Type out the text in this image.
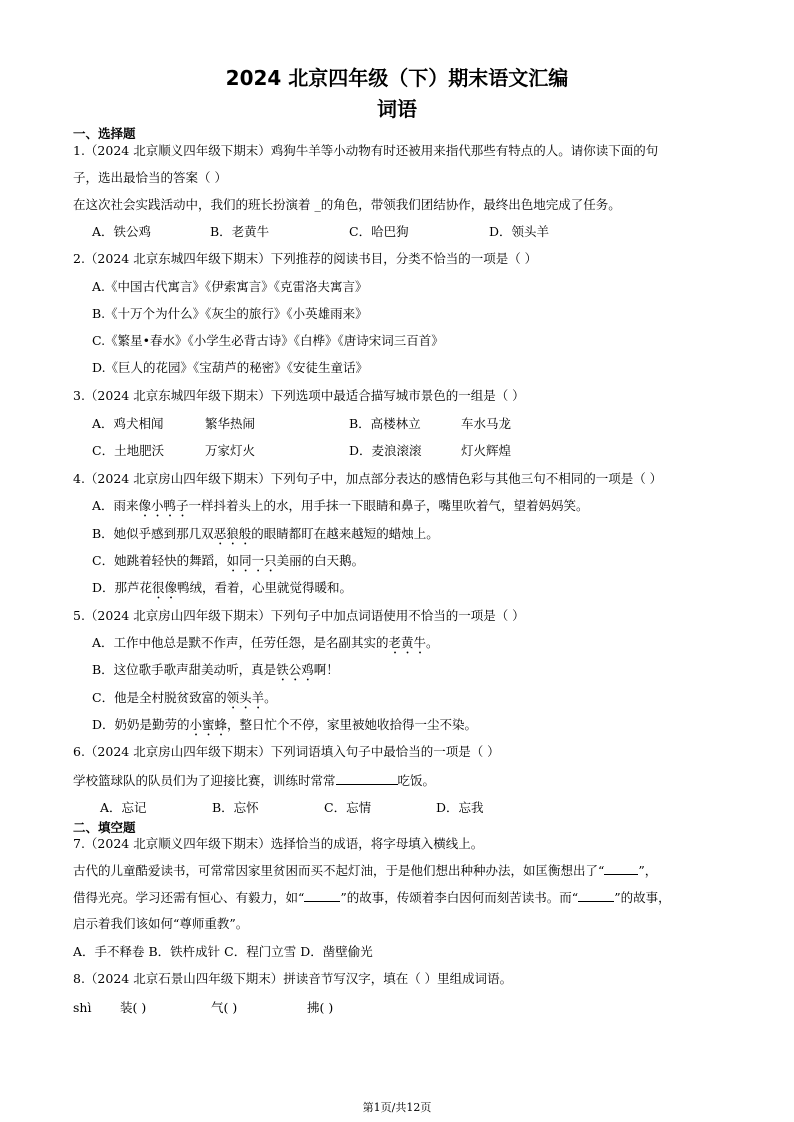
2024 北京四年级（下）期末语文汇编
词语
一、选择题
1.（2024 北京顺义四年级下期末）鸡狗牛羊等小动物有时还被用来指代那些有特点的人。请你读下面的句
子，选出最恰当的答案（ ）
在这次社会实践活动中，我们的班长扮演着 _的角色，带领我们团结协作，最终出色地完成了任务。
A．铁公鸡	B．老黄牛	C．哈巴狗	D．领头羊
2.（2024 北京东城四年级下期末）下列推荐的阅读书目，分类不恰当的一项是（ ）
A.《中国古代寓言》《伊索寓言》《克雷洛夫寓言》
B.《十万个为什么》《灰尘的旅行》《小英雄雨来》
C.《繁星•春水》《小学生必背古诗》《白桦》《唐诗宋词三百首》
D.《巨人的花园》《宝葫芦的秘密》《安徒生童话》
3.（2024 北京东城四年级下期末）下列选项中最适合描写城市景色的一组是（ ）
A．鸡犬相闻	繁华热闹	B．高楼林立	车水马龙
C．土地肥沃	万家灯火	D．麦浪滚滚	灯火辉煌
4.（2024 北京房山四年级下期末）下列句子中，加点部分表达的感情色彩与其他三句不相同的一项是（ ）
A．雨来像小鸭子一样抖着头上的水，用手抹一下眼睛和鼻子，嘴里吹着气，望着妈妈笑。
B．她似乎感到那几双恶狼般的眼睛都盯在越来越短的蜡烛上。
C．她跳着轻快的舞蹈，如同一只美丽的白天鹅。
D．那芦花很像鸭绒，看着，心里就觉得暖和。
5.（2024 北京房山四年级下期末）下列句子中加点词语使用不恰当的一项是（ ）
A．工作中他总是默不作声，任劳任怨，是名副其实的老黄牛。
B．这位歌手歌声甜美动听，真是铁公鸡啊！
C．他是全村脱贫致富的领头羊。
D．奶奶是勤劳的小蜜蜂，整日忙个不停，家里被她收拾得一尘不染。
6.（2024 北京房山四年级下期末）下列词语填入句子中最恰当的一项是（ ）
学校篮球队的队员们为了迎接比赛，训练时常常	吃饭。
A．忘记	B．忘怀	C．忘情	D．忘我
二、填空题
7.（2024 北京顺义四年级下期末）选择恰当的成语，将字母填入横线上。
古代的儿童酷爱读书，可常常因家里贫困而买不起灯油，于是他们想出种种办法，如匡衡想出了“	”，
借得光亮。学习还需有恒心、有毅力，如“	”的故事，传颂着李白因何而刻苦读书。而“	”的故事，
启示着我们该如何“尊师重教”。
A．手不释卷 B．铁杵成针 C．程门立雪 D．凿壁偷光
8.（2024 北京石景山四年级下期末）拼读音节写汉字，填在（ ）里组成词语。
shì 装( )	气( )	拂( )
第1页/共12页
